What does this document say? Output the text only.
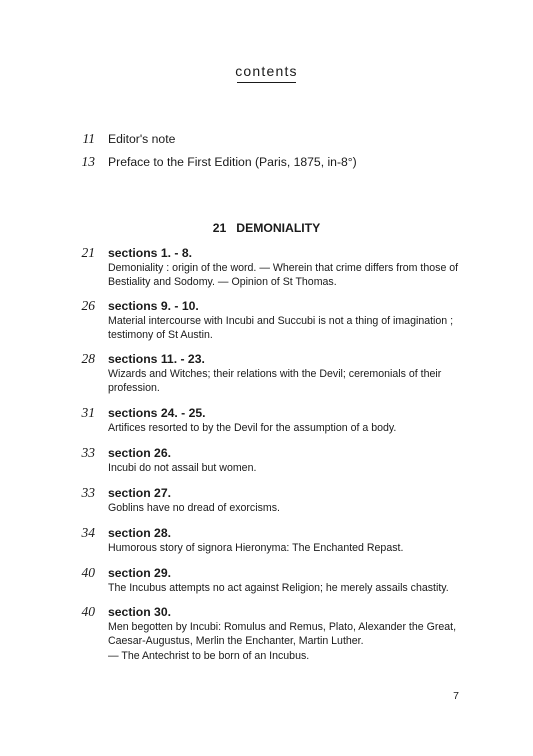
contents
11 Editor's note
13 Preface to the First Edition (Paris, 1875, in-8°)
21 DEMONIALITY
21 sections 1. - 8.
Demoniality : origin of the word. — Wherein that crime differs from those of Bestiality and Sodomy. — Opinion of St Thomas.
26 sections 9. - 10.
Material intercourse with Incubi and Succubi is not a thing of imagination ; testimony of St Austin.
28 sections 11. - 23.
Wizards and Witches; their relations with the Devil; ceremonials of their profession.
31 sections 24. - 25.
Artifices resorted to by the Devil for the assumption of a body.
33 section 26.
Incubi do not assail but women.
33 section 27.
Goblins have no dread of exorcisms.
34 section 28.
Humorous story of signora Hieronyma: The Enchanted Repast.
40 section 29.
The Incubus attempts no act against Religion; he merely assails chastity.
40 section 30.
Men begotten by Incubi: Romulus and Remus, Plato, Alexander the Great, Caesar-Augustus, Merlin the Enchanter, Martin Luther.
— The Antechrist to be born of an Incubus.
7
